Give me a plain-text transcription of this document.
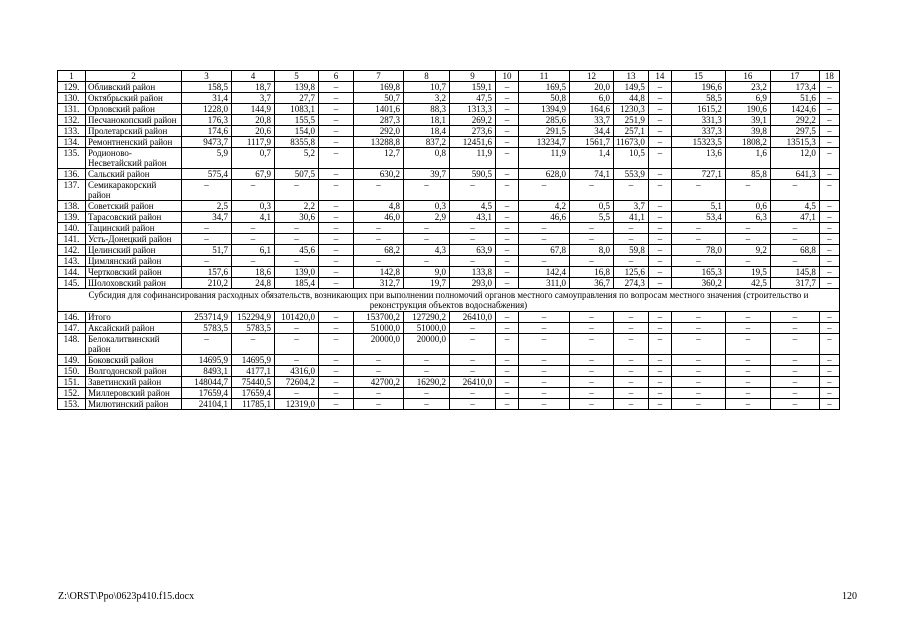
1	2	3	4	5	6	7	8	9	10	11	12	13	14	15	16	17	18
129.	Обливский район	158,5	18,7	139,8	–	169,8	10,7	159,1	–	169,5	20,0	149,5	–	196,6	23,2	173,4	–
130.	Октябрьский район	31,4	3,7	27,7	–	50,7	3,2	47,5	–	50,8	6,0	44,8	–	58,5	6,9	51,6	–
131.	Орловский район	1228,0	144,9	1083,1	–	1401,6	88,3	1313,3	–	1394,9	164,6	1230,3	–	1615,2	190,6	1424,6	–
132.	Песчанокопский район	176,3	20,8	155,5	–	287,3	18,1	269,2	–	285,6	33,7	251,9	–	331,3	39,1	292,2	–
133.	Пролетарский район	174,6	20,6	154,0	–	292,0	18,4	273,6	–	291,5	34,4	257,1	–	337,3	39,8	297,5	–
134.	Ремонтненский район	9473,7	1117,9	8355,8	–	13288,8	837,2	12451,6	–	13234,7	1561,7	11673,0	–	15323,5	1808,2	13515,3	–
135.	Родионово-Несветайский район	5,9	0,7	5,2	–	12,7	0,8	11,9	–	11,9	1,4	10,5	–	13,6	1,6	12,0	–
136.	Сальский район	575,4	67,9	507,5	–	630,2	39,7	590,5	–	628,0	74,1	553,9	–	727,1	85,8	641,3	–
137.	Семикаракорский район	–	–	–	–	–	–	–	–	–	–	–	–	–	–	–	–
138.	Советский район	2,5	0,3	2,2	–	4,8	0,3	4,5	–	4,2	0,5	3,7	–	5,1	0,6	4,5	–
139.	Тарасовский район	34,7	4,1	30,6	–	46,0	2,9	43,1	–	46,6	5,5	41,1	–	53,4	6,3	47,1	–
140.	Тацинский район	–	–	–	–	–	–	–	–	–	–	–	–	–	–	–	–
141.	Усть-Донецкий район	–	–	–	–	–	–	–	–	–	–	–	–	–	–	–	–
142.	Целинский район	51,7	6,1	45,6	–	68,2	4,3	63,9	–	67,8	8,0	59,8	–	78,0	9,2	68,8	–
143.	Цимлянский район	–	–	–	–	–	–	–	–	–	–	–	–	–	–	–	–
144.	Чертковский район	157,6	18,6	139,0	–	142,8	9,0	133,8	–	142,4	16,8	125,6	–	165,3	19,5	145,8	–
145.	Шолоховский район	210,2	24,8	185,4	–	312,7	19,7	293,0	–	311,0	36,7	274,3	–	360,2	42,5	317,7	–
Субсидия для софинансирования расходных обязательств, возникающих при выполнении полномочий органов местного самоуправления по вопросам местного значения (строительство и реконструкция объектов водоснабжения)																	
146.	Итого	253714,9	152294,9	101420,0	–	153700,2	127290,2	26410,0	–	–	–	–	–	–	–	–	–
147.	Аксайский район	5783,5	5783,5	–	–	51000,0	51000,0	–	–	–	–	–	–	–	–	–	–
148.	Белокалитвинский район	–	–	–	–	20000,0	20000,0	–	–	–	–	–	–	–	–	–	–
149.	Боковский район	14695,9	14695,9	–	–	–	–	–	–	–	–	–	–	–	–	–	–
150.	Волгодонской район	8493,1	4177,1	4316,0	–	–	–	–	–	–	–	–	–	–	–	–	–
151.	Заветинский район	148044,7	75440,5	72604,2	–	42700,2	16290,2	26410,0	–	–	–	–	–	–	–	–	–
152.	Миллеровский район	17659,4	17659,4	–	–	–	–	–	–	–	–	–	–	–	–	–	–
153.	Милютинский район	24104,1	11785,1	12319,0	–	–	–	–	–	–	–	–	–	–	–	–	–
Z:\ORST\Ppo\0623p410.f15.docx	120
